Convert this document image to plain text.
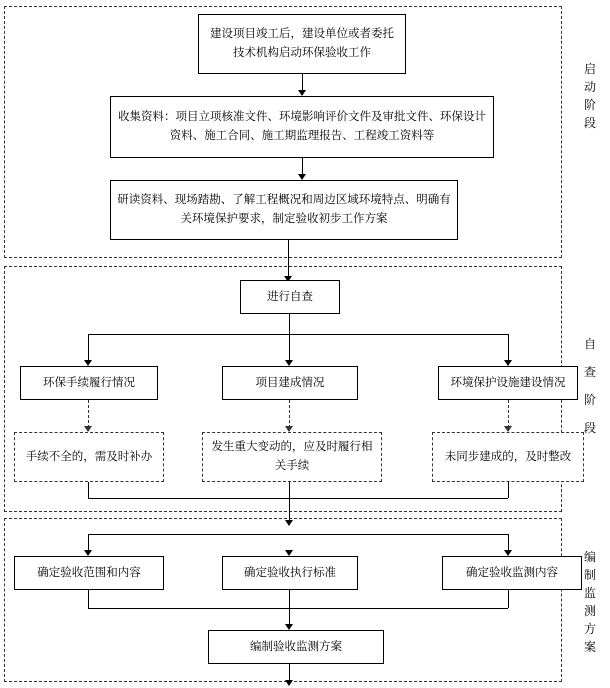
启
动
阶
段
建设项目竣工后，建设单位或者委托技术机构启动环保验收工作
收集资料：项目立项核准文件、环境影响评价文件及审批文件、环保设计资料、施工合同、施工期监理报告、工程竣工资料等
研读资料、现场踏勘、了解工程概况和周边区域环境特点、明确有关环境保护要求，制定验收初步工作方案
自
查
阶
段
进行自查
环保手续履行情况	项目建成情况	环境保护设施建设情况
手续不全的，需及时补办
发生重大变动的，应及时履行相关手续
未同步建成的，及时整改
编
制
监
测
方
案
确定验收范围和内容	确定验收执行标准	确定验收监测内容
编制验收监测方案
